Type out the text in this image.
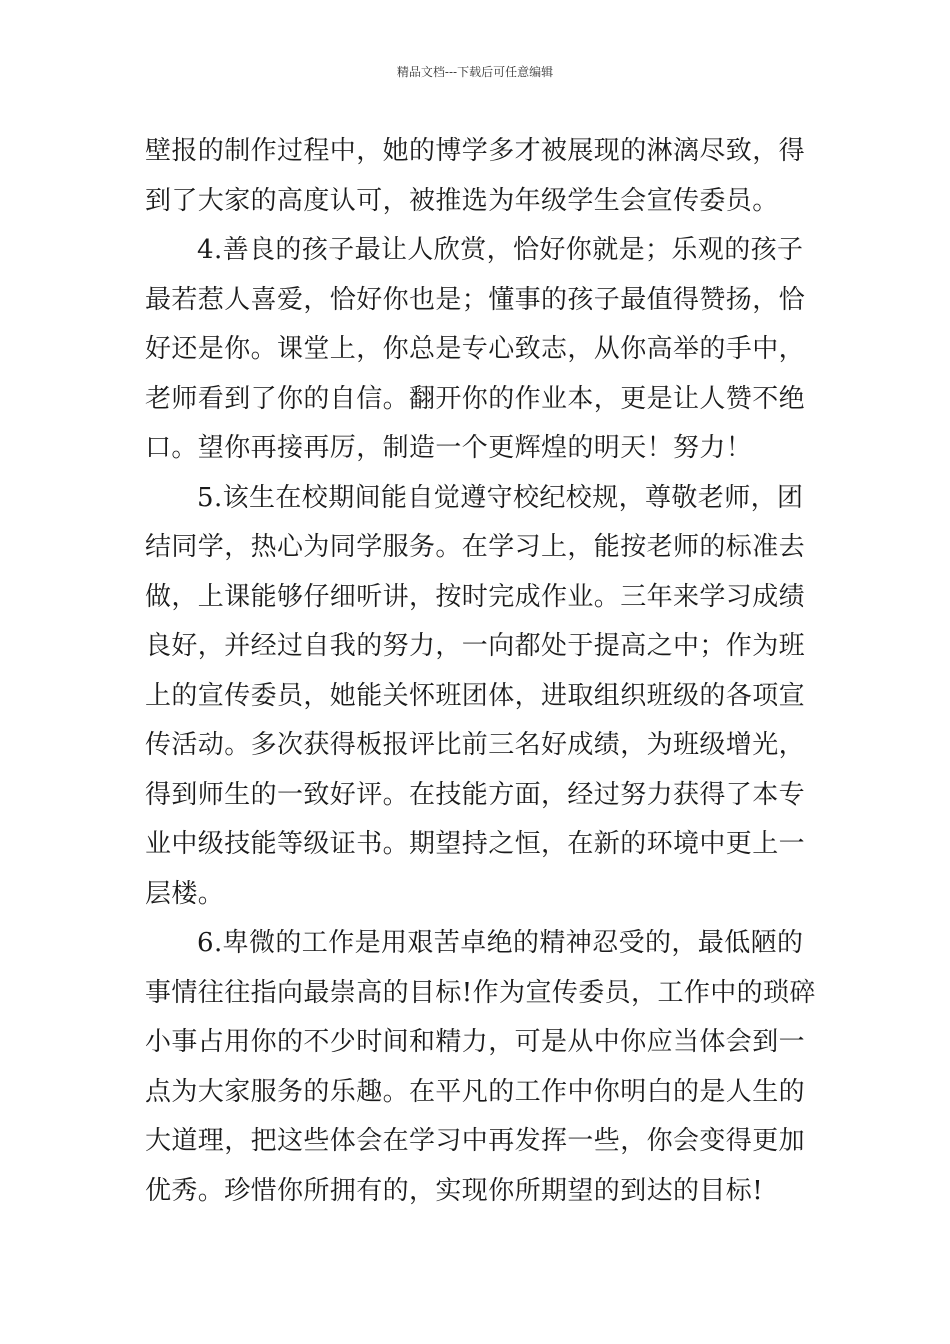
精品文档---下载后可任意编辑
壁报的制作过程中，她的博学多才被展现的淋漓尽致，得
到了大家的高度认可，被推选为年级学生会宣传委员。
4.善良的孩子最让人欣赏，恰好你就是；乐观的孩子
最若惹人喜爱，恰好你也是；懂事的孩子最值得赞扬，恰
好还是你。课堂上，你总是专心致志，从你高举的手中，
老师看到了你的自信。翻开你的作业本，更是让人赞不绝
口。望你再接再厉，制造一个更辉煌的明天！努力！
5.该生在校期间能自觉遵守校纪校规，尊敬老师，团
结同学，热心为同学服务。在学习上，能按老师的标准去
做，上课能够仔细听讲，按时完成作业。三年来学习成绩
良好，并经过自我的努力，一向都处于提高之中；作为班
上的宣传委员，她能关怀班团体，进取组织班级的各项宣
传活动。多次获得板报评比前三名好成绩，为班级增光，
得到师生的一致好评。在技能方面，经过努力获得了本专
业中级技能等级证书。期望持之恒，在新的环境中更上一
层楼。
6.卑微的工作是用艰苦卓绝的精神忍受的，最低陋的
事情往往指向最崇高的目标!作为宣传委员，工作中的琐碎
小事占用你的不少时间和精力，可是从中你应当体会到一
点为大家服务的乐趣。在平凡的工作中你明白的是人生的
大道理，把这些体会在学习中再发挥一些，你会变得更加
优秀。珍惜你所拥有的，实现你所期望的到达的目标!
